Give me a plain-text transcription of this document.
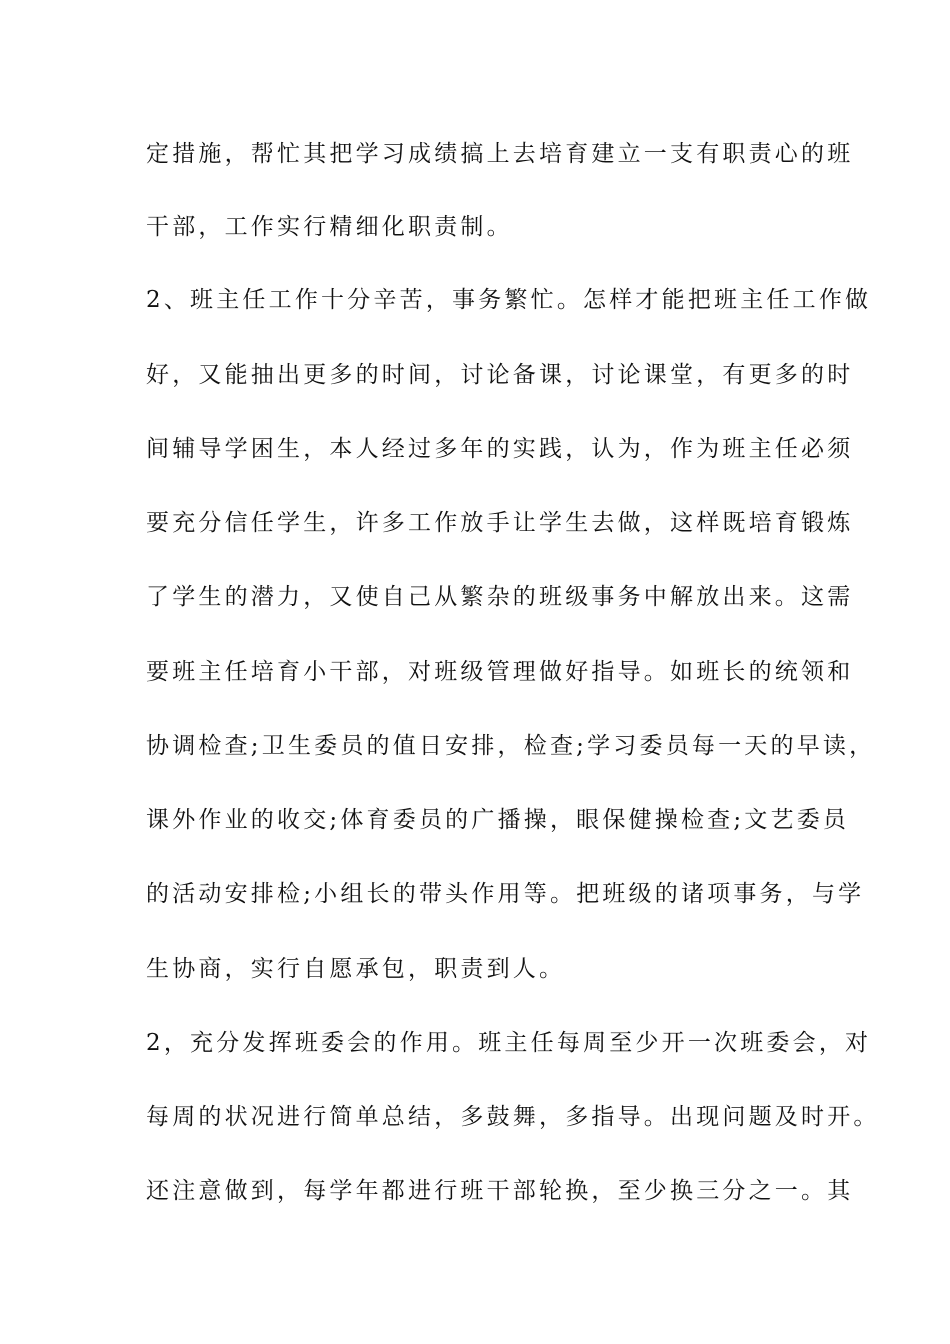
定措施，帮忙其把学习成绩搞上去培育建立一支有职责心的班
干部，工作实行精细化职责制。
2、班主任工作十分辛苦，事务繁忙。怎样才能把班主任工作做
好，又能抽出更多的时间，讨论备课，讨论课堂，有更多的时
间辅导学困生，本人经过多年的实践，认为，作为班主任必须
要充分信任学生，许多工作放手让学生去做，这样既培育锻炼
了学生的潜力，又使自己从繁杂的班级事务中解放出来。这需
要班主任培育小干部，对班级管理做好指导。如班长的统领和
协调检查;卫生委员的值日安排，检查;学习委员每一天的早读，
课外作业的收交;体育委员的广播操，眼保健操检查;文艺委员
的活动安排检;小组长的带头作用等。把班级的诸项事务，与学
生协商，实行自愿承包，职责到人。
2，充分发挥班委会的作用。班主任每周至少开一次班委会，对
每周的状况进行简单总结，多鼓舞，多指导。出现问题及时开。
还注意做到，每学年都进行班干部轮换，至少换三分之一。其
